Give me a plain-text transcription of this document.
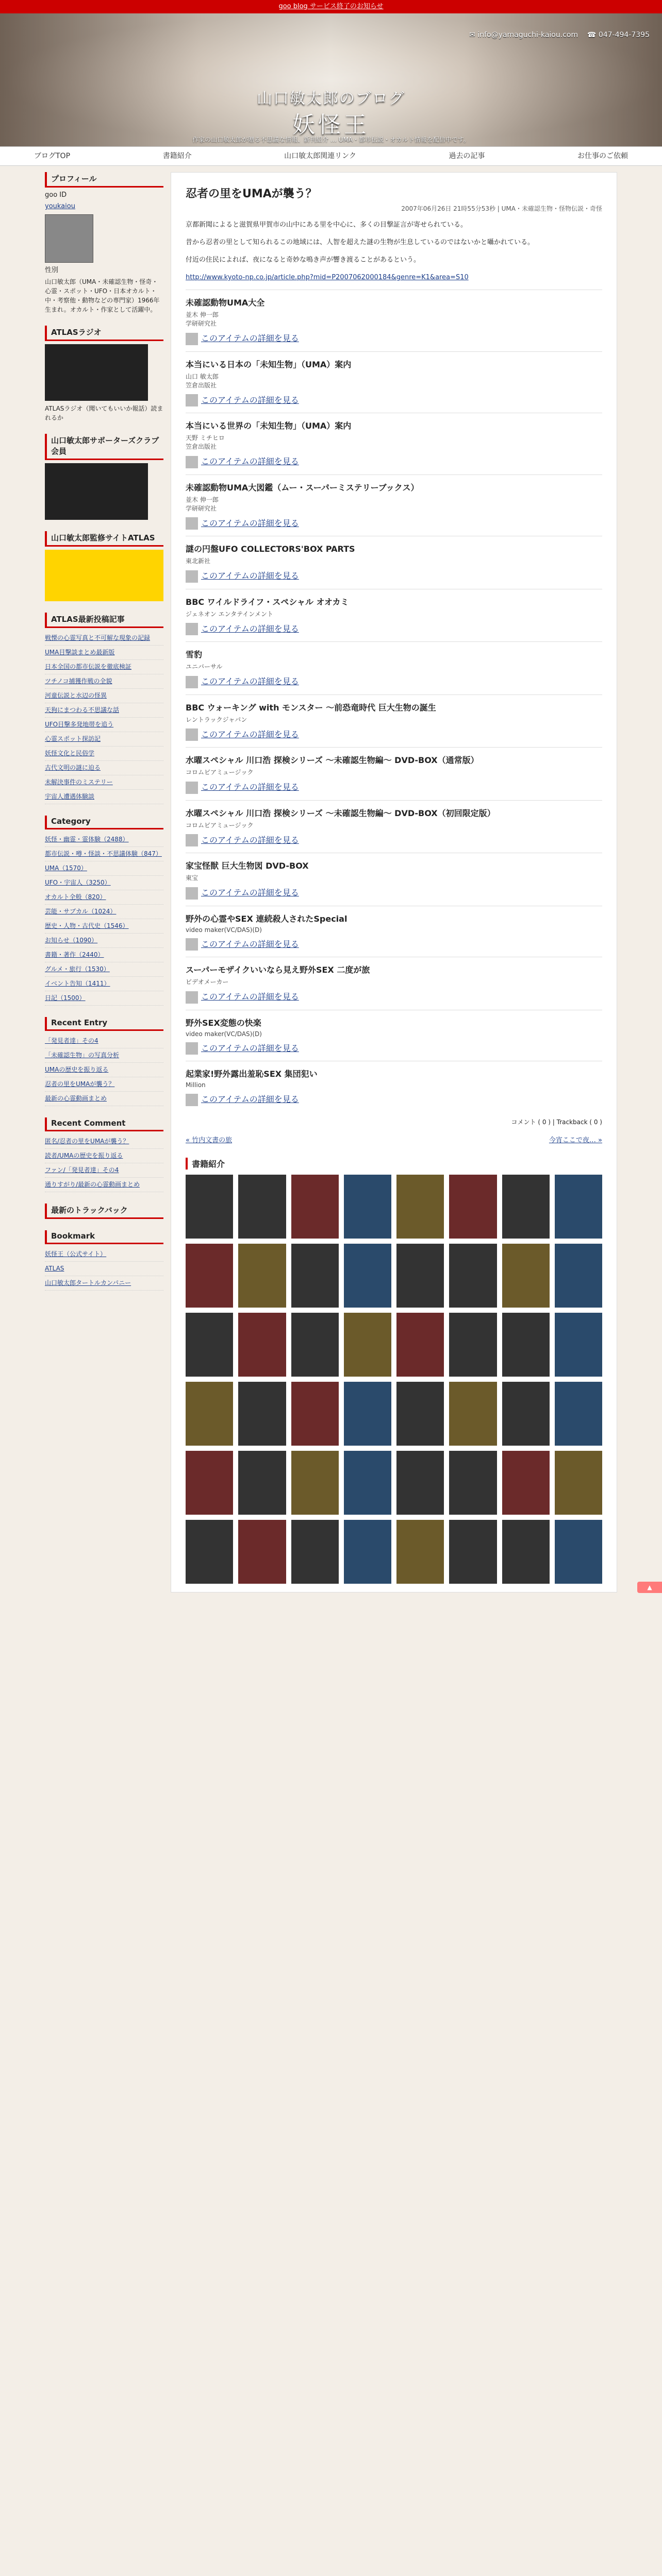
goo blog サービス終了のお知らせ
✉ info@yamaguchi-kaiou.com ☎ 047-494-7395
山口敏太郎のブログ
妖怪王
作家の山口敏太郎が贈る不思議な情報、新刊紹介 … UMA・都市伝説・オカルト情報を配信中です。
ブログTOP	書籍紹介	山口敏太郎関連リンク	過去の記事	お仕事のご依頼
プロフィール

goo ID

youkaiou

性別

山口敏太郎（UMA・未確認生物・怪奇・心霊・スポット・UFO・日本オカルト・中・考察他・動物などの専門家）1966年生まれ。オカルト・作家として活躍中。

ATLASラジオ

ATLASラジオ（聞いてもいいか報話）読まれるか

山口敏太郎サポーターズクラブ会員
山口敏太郎監修サイトATLAS
ATLAS最新投稿記事
戦慄の心霊写真と不可解な現象の記録
UMA目撃談まとめ最新版
日本全国の都市伝説を徹底検証
ツチノコ捕獲作戦の全貌
河童伝説と水辺の怪異
天狗にまつわる不思議な話
UFO目撃多発地帯を追う
心霊スポット探訪記
妖怪文化と民俗学
古代文明の謎に迫る
未解決事件のミステリー
宇宙人遭遇体験談
Category
妖怪・幽霊・霊体験（2488）
都市伝説・噂・怪談・不思議体験（847）
UMA（1570）
UFO・宇宙人（3250）
オカルト全般（820）
芸能・サブカル（1024）
歴史・人物・古代史（1546）
お知らせ（1090）
書籍・著作（2440）
グルメ・旅行（1530）
イベント告知（1411）
日記（1500）
Recent Entry
「発見者達」その4
「未確認生物」の写真分析
UMAの歴史を振り返る
忍者の里をUMAが襲う？
最新の心霊動画まとめ
Recent Comment
匿名/忍者の里をUMAが襲う？
読者/UMAの歴史を振り返る
ファン/「発見者達」その4
通りすがり/最新の心霊動画まとめ
最新のトラックバック
Bookmark
妖怪王（公式サイト）
ATLAS
山口敏太郎タートルカンパニー
忍者の里をUMAが襲う？
2007年06月26日 21時55分53秒 | UMA・未確認生物・怪物伝説・奇怪

京都新聞によると滋賀県甲賀市の山中にある里を中心に、多くの目撃証言が寄せられている。

昔から忍者の里として知られるこの地域には、人智を超えた謎の生物が生息しているのではないかと囁かれている。

付近の住民によれば、夜になると奇妙な鳴き声が響き渡ることがあるという。

http://www.kyoto-np.co.jp/article.php?mid=P2007062000184&genre=K1&area=S10

未確認動物UMA大全
並木 伸一郎
学研研究社
このアイテムの詳細を見る
本当にいる日本の「未知生物」（UMA）案内
山口 敏太郎
笠倉出版社
このアイテムの詳細を見る
本当にいる世界の「未知生物」（UMA）案内
天野 ミチヒロ
笠倉出版社
このアイテムの詳細を見る
未確認動物UMA大図鑑（ムー・スーパーミステリーブックス）
並木 伸一郎
学研研究社
このアイテムの詳細を見る
謎の円盤UFO COLLECTORS'BOX PARTS
東北新社
このアイテムの詳細を見る
BBC ワイルドライフ・スペシャル オオカミ
ジェネオン エンタテインメント
このアイテムの詳細を見る
雪豹
ユニバーサル
このアイテムの詳細を見る
BBC ウォーキング with モンスター ～前恐竜時代 巨大生物の誕生
レントラックジャパン
このアイテムの詳細を見る
水曜スペシャル 川口浩 探検シリーズ ～未確認生物編～ DVD-BOX（通常版）
コロムビアミュージック
このアイテムの詳細を見る
水曜スペシャル 川口浩 探検シリーズ ～未確認生物編～ DVD-BOX（初回限定版）
コロムビアミュージック
このアイテムの詳細を見る
家宝怪獣 巨大生物図 DVD-BOX
東宝
このアイテムの詳細を見る
野外の心霊やSEX 連続殺人されたSpecial
video maker(VC/DAS)(D)
このアイテムの詳細を見る
スーパーモザイクいいなら見え野外SEX 二度が旅
ビデオメーカー
このアイテムの詳細を見る
野外SEX変態の快楽
video maker(VC/DAS)(D)
このアイテムの詳細を見る
起業家!野外露出羞恥SEX 集団犯い
Million
このアイテムの詳細を見る
コメント ( 0 ) | Trackback ( 0 )
« 竹内文書の旅	今宵ここで夜… »
書籍紹介
▲
